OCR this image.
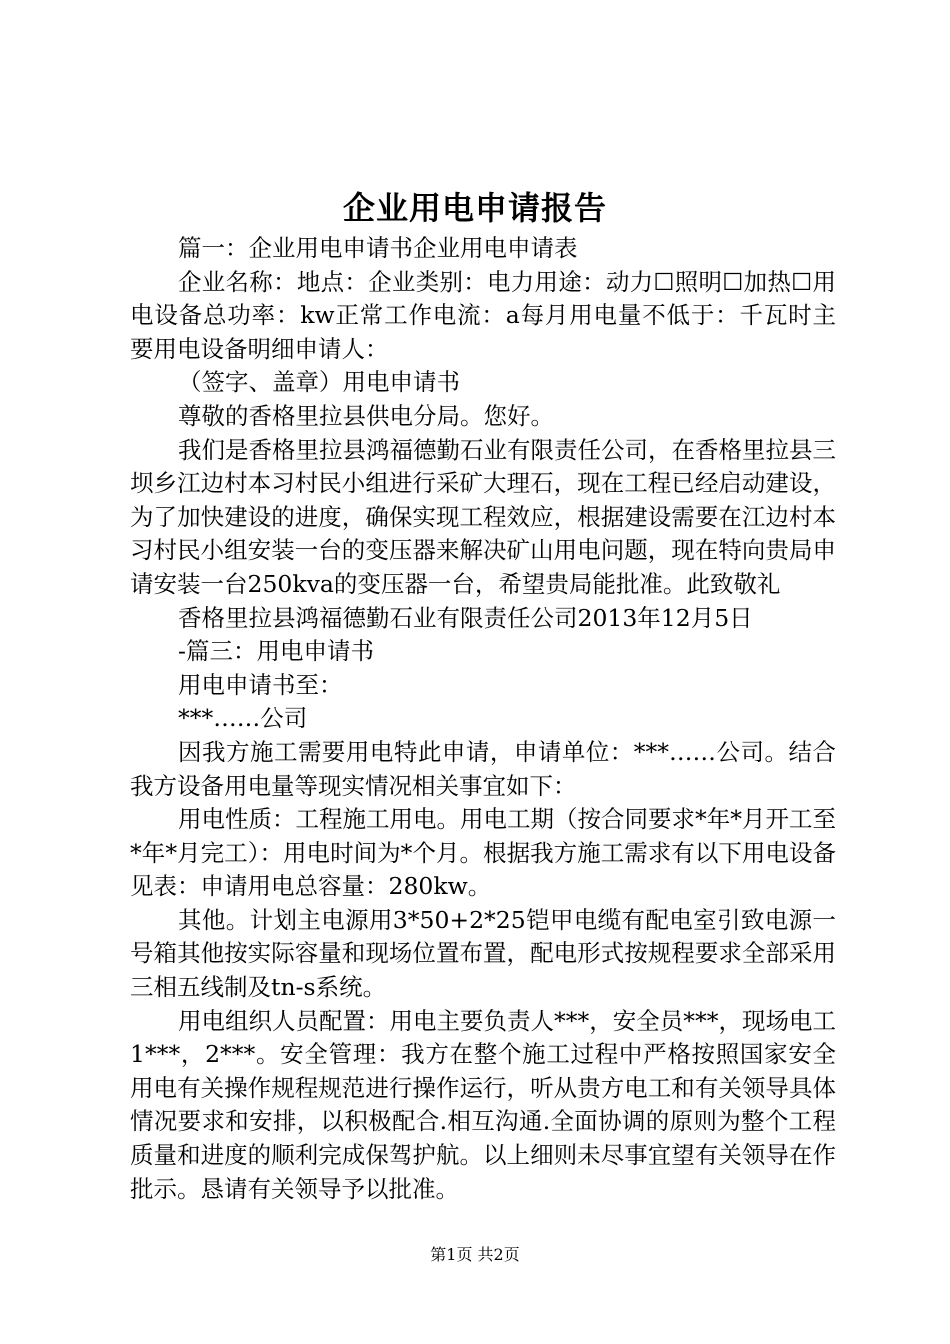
企业用电申请报告

篇一：企业用电申请书企业用电申请表

企业名称：地点：企业类别：电力用途：动力☐照明☐加热☐用电设备总功率：kw正常工作电流：a每月用电量不低于：千瓦时主要用电设备明细申请人：

（签字、盖章）用电申请书

尊敬的香格里拉县供电分局。您好。

我们是香格里拉县鸿福德勤石业有限责任公司，在香格里拉县三坝乡江边村本习村民小组进行采矿大理石，现在工程已经启动建设，为了加快建设的进度，确保实现工程效应，根据建设需要在江边村本习村民小组安装一台的变压器来解决矿山用电问题，现在特向贵局申请安装一台250kva的变压器一台，希望贵局能批准。此致敬礼

香格里拉县鸿福德勤石业有限责任公司2013年12月5日

-篇三：用电申请书

用电申请书至：

***……公司

因我方施工需要用电特此申请，申请单位：***……公司。结合我方设备用电量等现实情况相关事宜如下：

用电性质：工程施工用电。用电工期（按合同要求*年*月开工至*年*月完工）：用电时间为*个月。根据我方施工需求有以下用电设备见表：申请用电总容量：280kw。

其他。计划主电源用3*50+2*25铠甲电缆有配电室引致电源一号箱其他按实际容量和现场位置布置，配电形式按规程要求全部采用三相五线制及tn-s系统。

用电组织人员配置：用电主要负责人***，安全员***，现场电工1***，2***。安全管理：我方在整个施工过程中严格按照国家安全用电有关操作规程规范进行操作运行，听从贵方电工和有关领导具体情况要求和安排，以积极配合.相互沟通.全面协调的原则为整个工程质量和进度的顺利完成保驾护航。以上细则未尽事宜望有关领导在作批示。恳请有关领导予以批准。

第1页 共2页
